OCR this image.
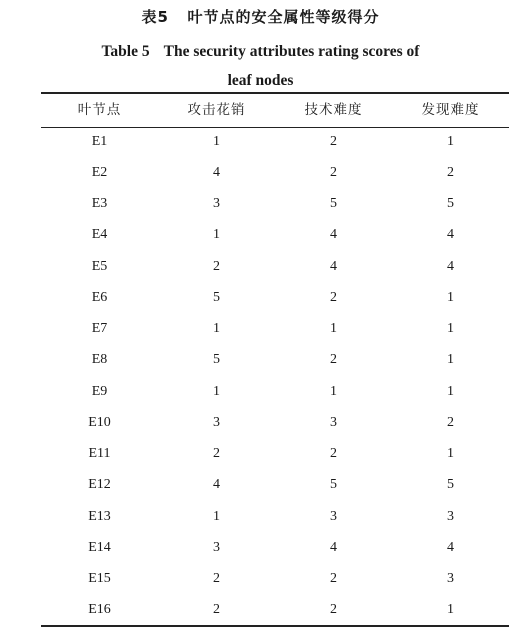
表5 叶节点的安全属性等级得分
Table 5 The security attributes rating scores of
leaf nodes
叶节点	攻击花销	技术难度	发现难度
E1	1	2	1
E2	4	2	2
E3	3	5	5
E4	1	4	4
E5	2	4	4
E6	5	2	1
E7	1	1	1
E8	5	2	1
E9	1	1	1
E10	3	3	2
E11	2	2	1
E12	4	5	5
E13	1	3	3
E14	3	4	4
E15	2	2	3
E16	2	2	1
